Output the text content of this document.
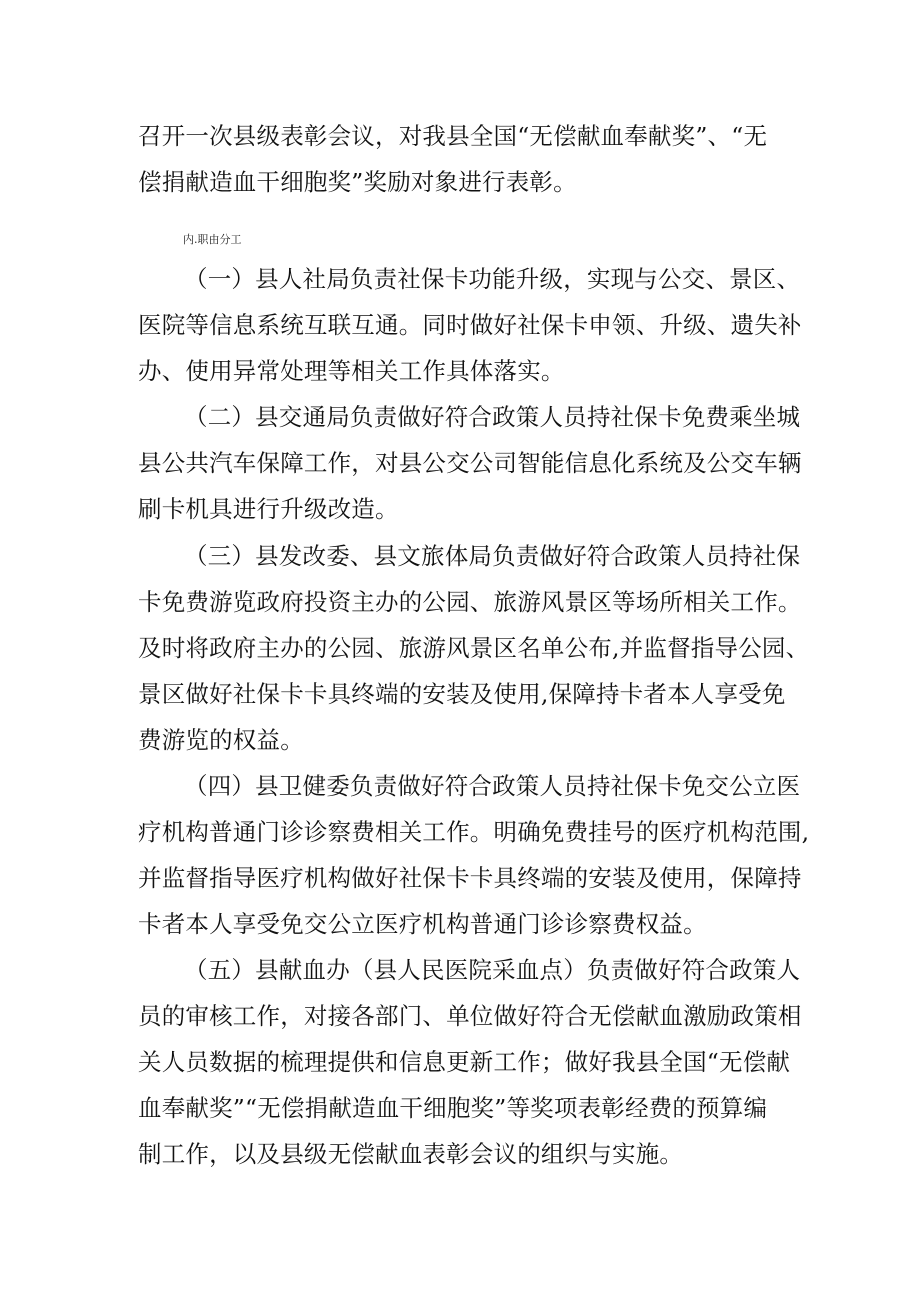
召开一次县级表彰会议，对我县全国“无偿献血奉献奖”、“无
偿捐献造血干细胞奖”奖励对象进行表彰。
内.职由分工
（一）县人社局负责社保卡功能升级，实现与公交、景区、
医院等信息系统互联互通。同时做好社保卡申领、升级、遗失补
办、使用异常处理等相关工作具体落实。
（二）县交通局负责做好符合政策人员持社保卡免费乘坐城
县公共汽车保障工作，对县公交公司智能信息化系统及公交车辆
刷卡机具进行升级改造。
（三）县发改委、县文旅体局负责做好符合政策人员持社保
卡免费游览政府投资主办的公园、旅游风景区等场所相关工作。
及时将政府主办的公园、旅游风景区名单公布,并监督指导公园、
景区做好社保卡卡具终端的安装及使用,保障持卡者本人享受免
费游览的权益。
（四）县卫健委负责做好符合政策人员持社保卡免交公立医
疗机构普通门诊诊察费相关工作。明确免费挂号的医疗机构范围,
并监督指导医疗机构做好社保卡卡具终端的安装及使用，保障持
卡者本人享受免交公立医疗机构普通门诊诊察费权益。
（五）县献血办（县人民医院采血点）负责做好符合政策人
员的审核工作，对接各部门、单位做好符合无偿献血激励政策相
关人员数据的梳理提供和信息更新工作；做好我县全国“无偿献
血奉献奖”“无偿捐献造血干细胞奖”等奖项表彰经费的预算编
制工作，以及县级无偿献血表彰会议的组织与实施。
